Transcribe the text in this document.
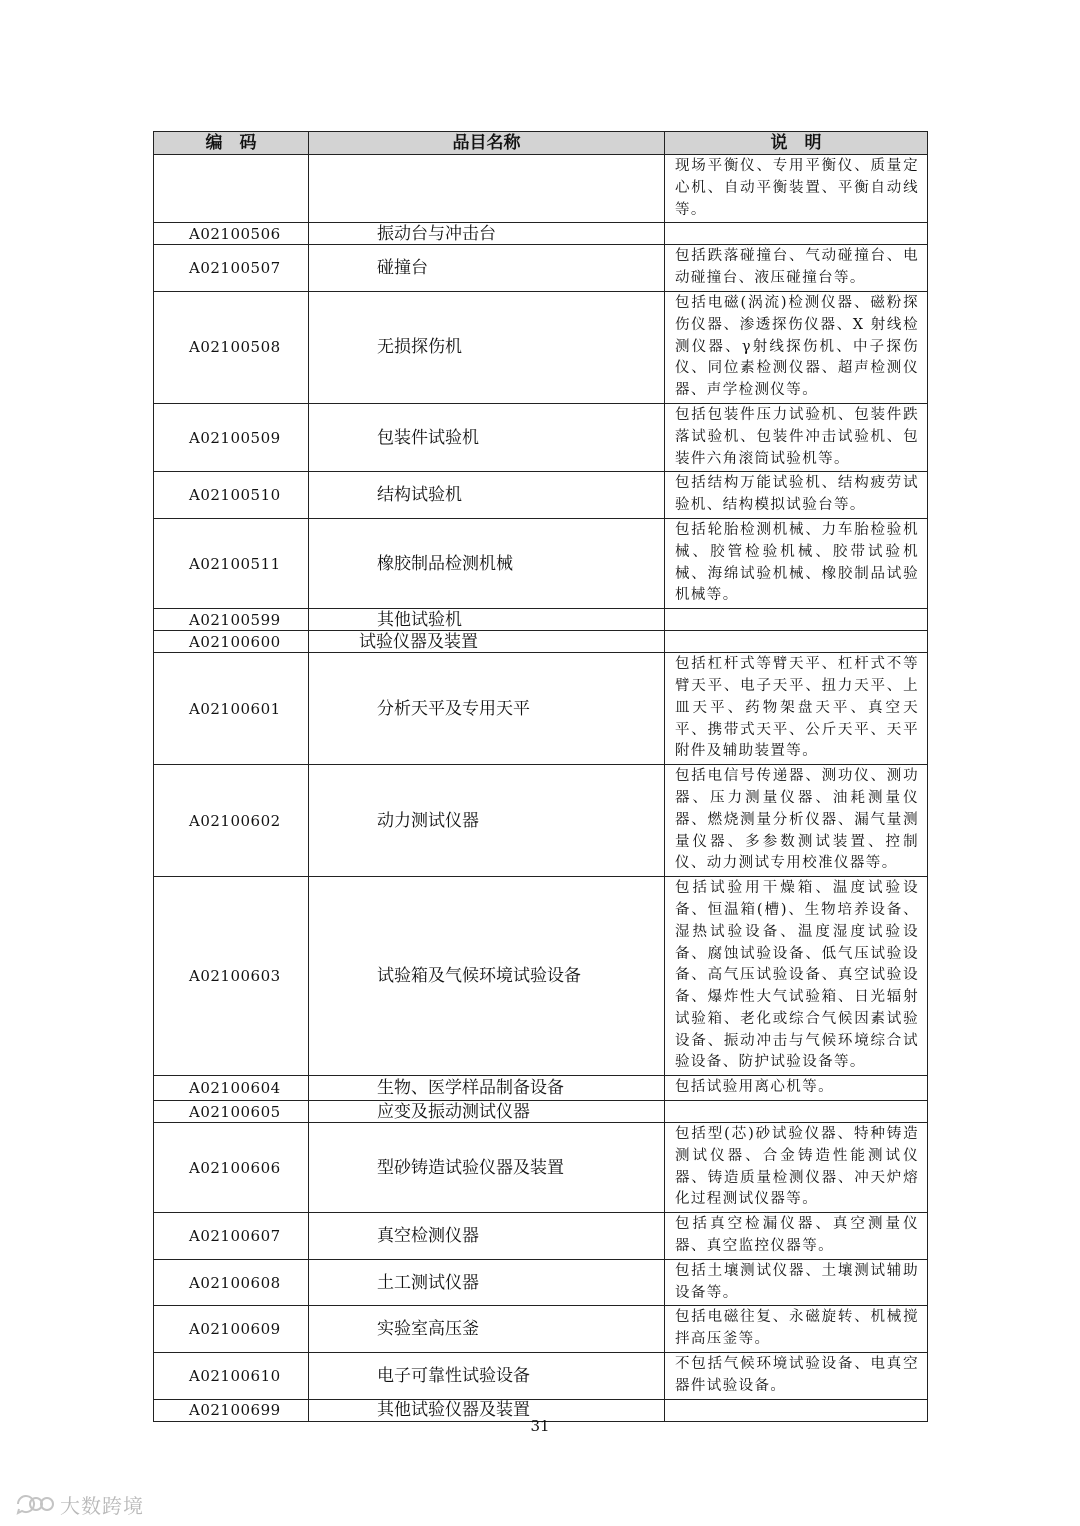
编　码	品目名称	说　明
		现场平衡仪、专用平衡仪、质量定心机、自动平衡装置、平衡自动线等。
A02100506	振动台与冲击台	
A02100507	碰撞台	包括跌落碰撞台、气动碰撞台、电动碰撞台、液压碰撞台等。
A02100508	无损探伤机	包括电磁(涡流)检测仪器、磁粉探伤仪器、渗透探伤仪器、X 射线检测仪器、γ射线探伤机、中子探伤仪、同位素检测仪器、超声检测仪器、声学检测仪等。
A02100509	包装件试验机	包括包装件压力试验机、包装件跌落试验机、包装件冲击试验机、包装件六角滚筒试验机等。
A02100510	结构试验机	包括结构万能试验机、结构疲劳试验机、结构模拟试验台等。
A02100511	橡胶制品检测机械	包括轮胎检测机械、力车胎检验机械、胶管检验机械、胶带试验机械、海绵试验机械、橡胶制品试验机械等。
A02100599	其他试验机	
A02100600	试验仪器及装置	
A02100601	分析天平及专用天平	包括杠杆式等臂天平、杠杆式不等臂天平、电子天平、扭力天平、上皿天平、药物架盘天平、真空天平、携带式天平、公斤天平、天平附件及辅助装置等。
A02100602	动力测试仪器	包括电信号传递器、测功仪、测功器、压力测量仪器、油耗测量仪器、燃烧测量分析仪器、漏气量测量仪器、多参数测试装置、控制仪、动力测试专用校准仪器等。
A02100603	试验箱及气候环境试验设备	包括试验用干燥箱、温度试验设备、恒温箱(槽)、生物培养设备、湿热试验设备、温度湿度试验设备、腐蚀试验设备、低气压试验设备、高气压试验设备、真空试验设备、爆炸性大气试验箱、日光辐射试验箱、老化或综合气候因素试验设备、振动冲击与气候环境综合试验设备、防护试验设备等。
A02100604	生物、医学样品制备设备	包括试验用离心机等。
A02100605	应变及振动测试仪器	
A02100606	型砂铸造试验仪器及装置	包括型(芯)砂试验仪器、特种铸造测试仪器、合金铸造性能测试仪器、铸造质量检测仪器、冲天炉熔化过程测试仪器等。
A02100607	真空检测仪器	包括真空检漏仪器、真空测量仪器、真空监控仪器等。
A02100608	土工测试仪器	包括土壤测试仪器、土壤测试辅助设备等。
A02100609	实验室高压釜	包括电磁往复、永磁旋转、机械搅拌高压釜等。
A02100610	电子可靠性试验设备	不包括气候环境试验设备、电真空器件试验设备。
A02100699	其他试验仪器及装置	
31
大数跨境
